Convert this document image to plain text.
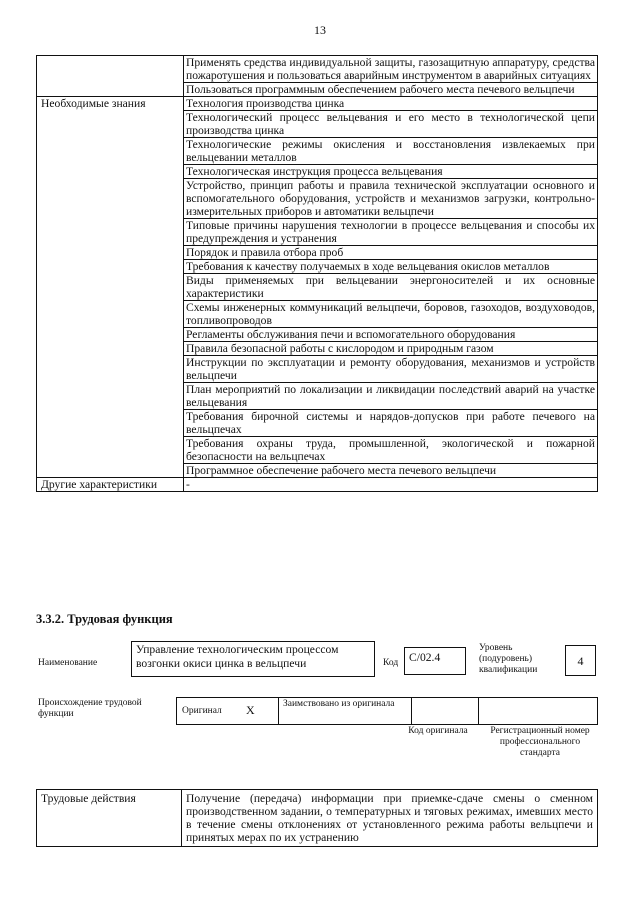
13
	Применять средства индивидуальной защиты, газозащитную аппаратуру, средства пожаротушения и пользоваться аварийным инструментом в аварийных ситуациях
	Пользоваться программным обеспечением рабочего места печевого вельцпечи
Необходимые знания	Технология производства цинка
	Технологический процесс вельцевания и его место в технологической цепи производства цинка
	Технологические режимы окисления и восстановления извлекаемых при вельцевании металлов
	Технологическая инструкция процесса вельцевания
	Устройство, принцип работы и правила технической эксплуатации основного и вспомогательного оборудования, устройств и механизмов загрузки, контрольно-измерительных приборов и автоматики вельцпечи
	Типовые причины нарушения технологии в процессе вельцевания и способы их предупреждения и устранения
	Порядок и правила отбора проб
	Требования к качеству получаемых в ходе вельцевания окислов металлов
	Виды применяемых при вельцевании энергоносителей и их основные характеристики
	Схемы инженерных коммуникаций вельцпечи, боровов, газоходов, воздуховодов, топливопроводов
	Регламенты обслуживания печи и вспомогательного оборудования
	Правила безопасной работы с кислородом и природным газом
	Инструкции по эксплуатации и ремонту оборудования, механизмов и устройств вельцпечи
	План мероприятий по локализации и ликвидации последствий аварий на участке вельцевания
	Требования бирочной системы и нарядов-допусков при работе печевого на вельцпечах
	Требования охраны труда, промышленной, экологической и пожарной безопасности на вельцпечах
	Программное обеспечение рабочего места печевого вельцпечи
Другие характеристики	-
3.3.2. Трудовая функция
Наименование
Управление технологическим процессом возгонки окиси цинка в вельцпечи	Код С/02.4
Уровень (подуровень) квалификации
4
Происхождение трудовой функции	Оригинал	X	Заимствовано из оригинала		
Код оригинала	Регистрационный номер профессионального стандарта
Трудовые действия	Получение (передача) информации при приемке-сдаче смены о сменном производственном задании, о температурных и тяговых режимах, имевших место в течение смены отклонениях от установленного режима работы вельцпечи и принятых мерах по их устранению
